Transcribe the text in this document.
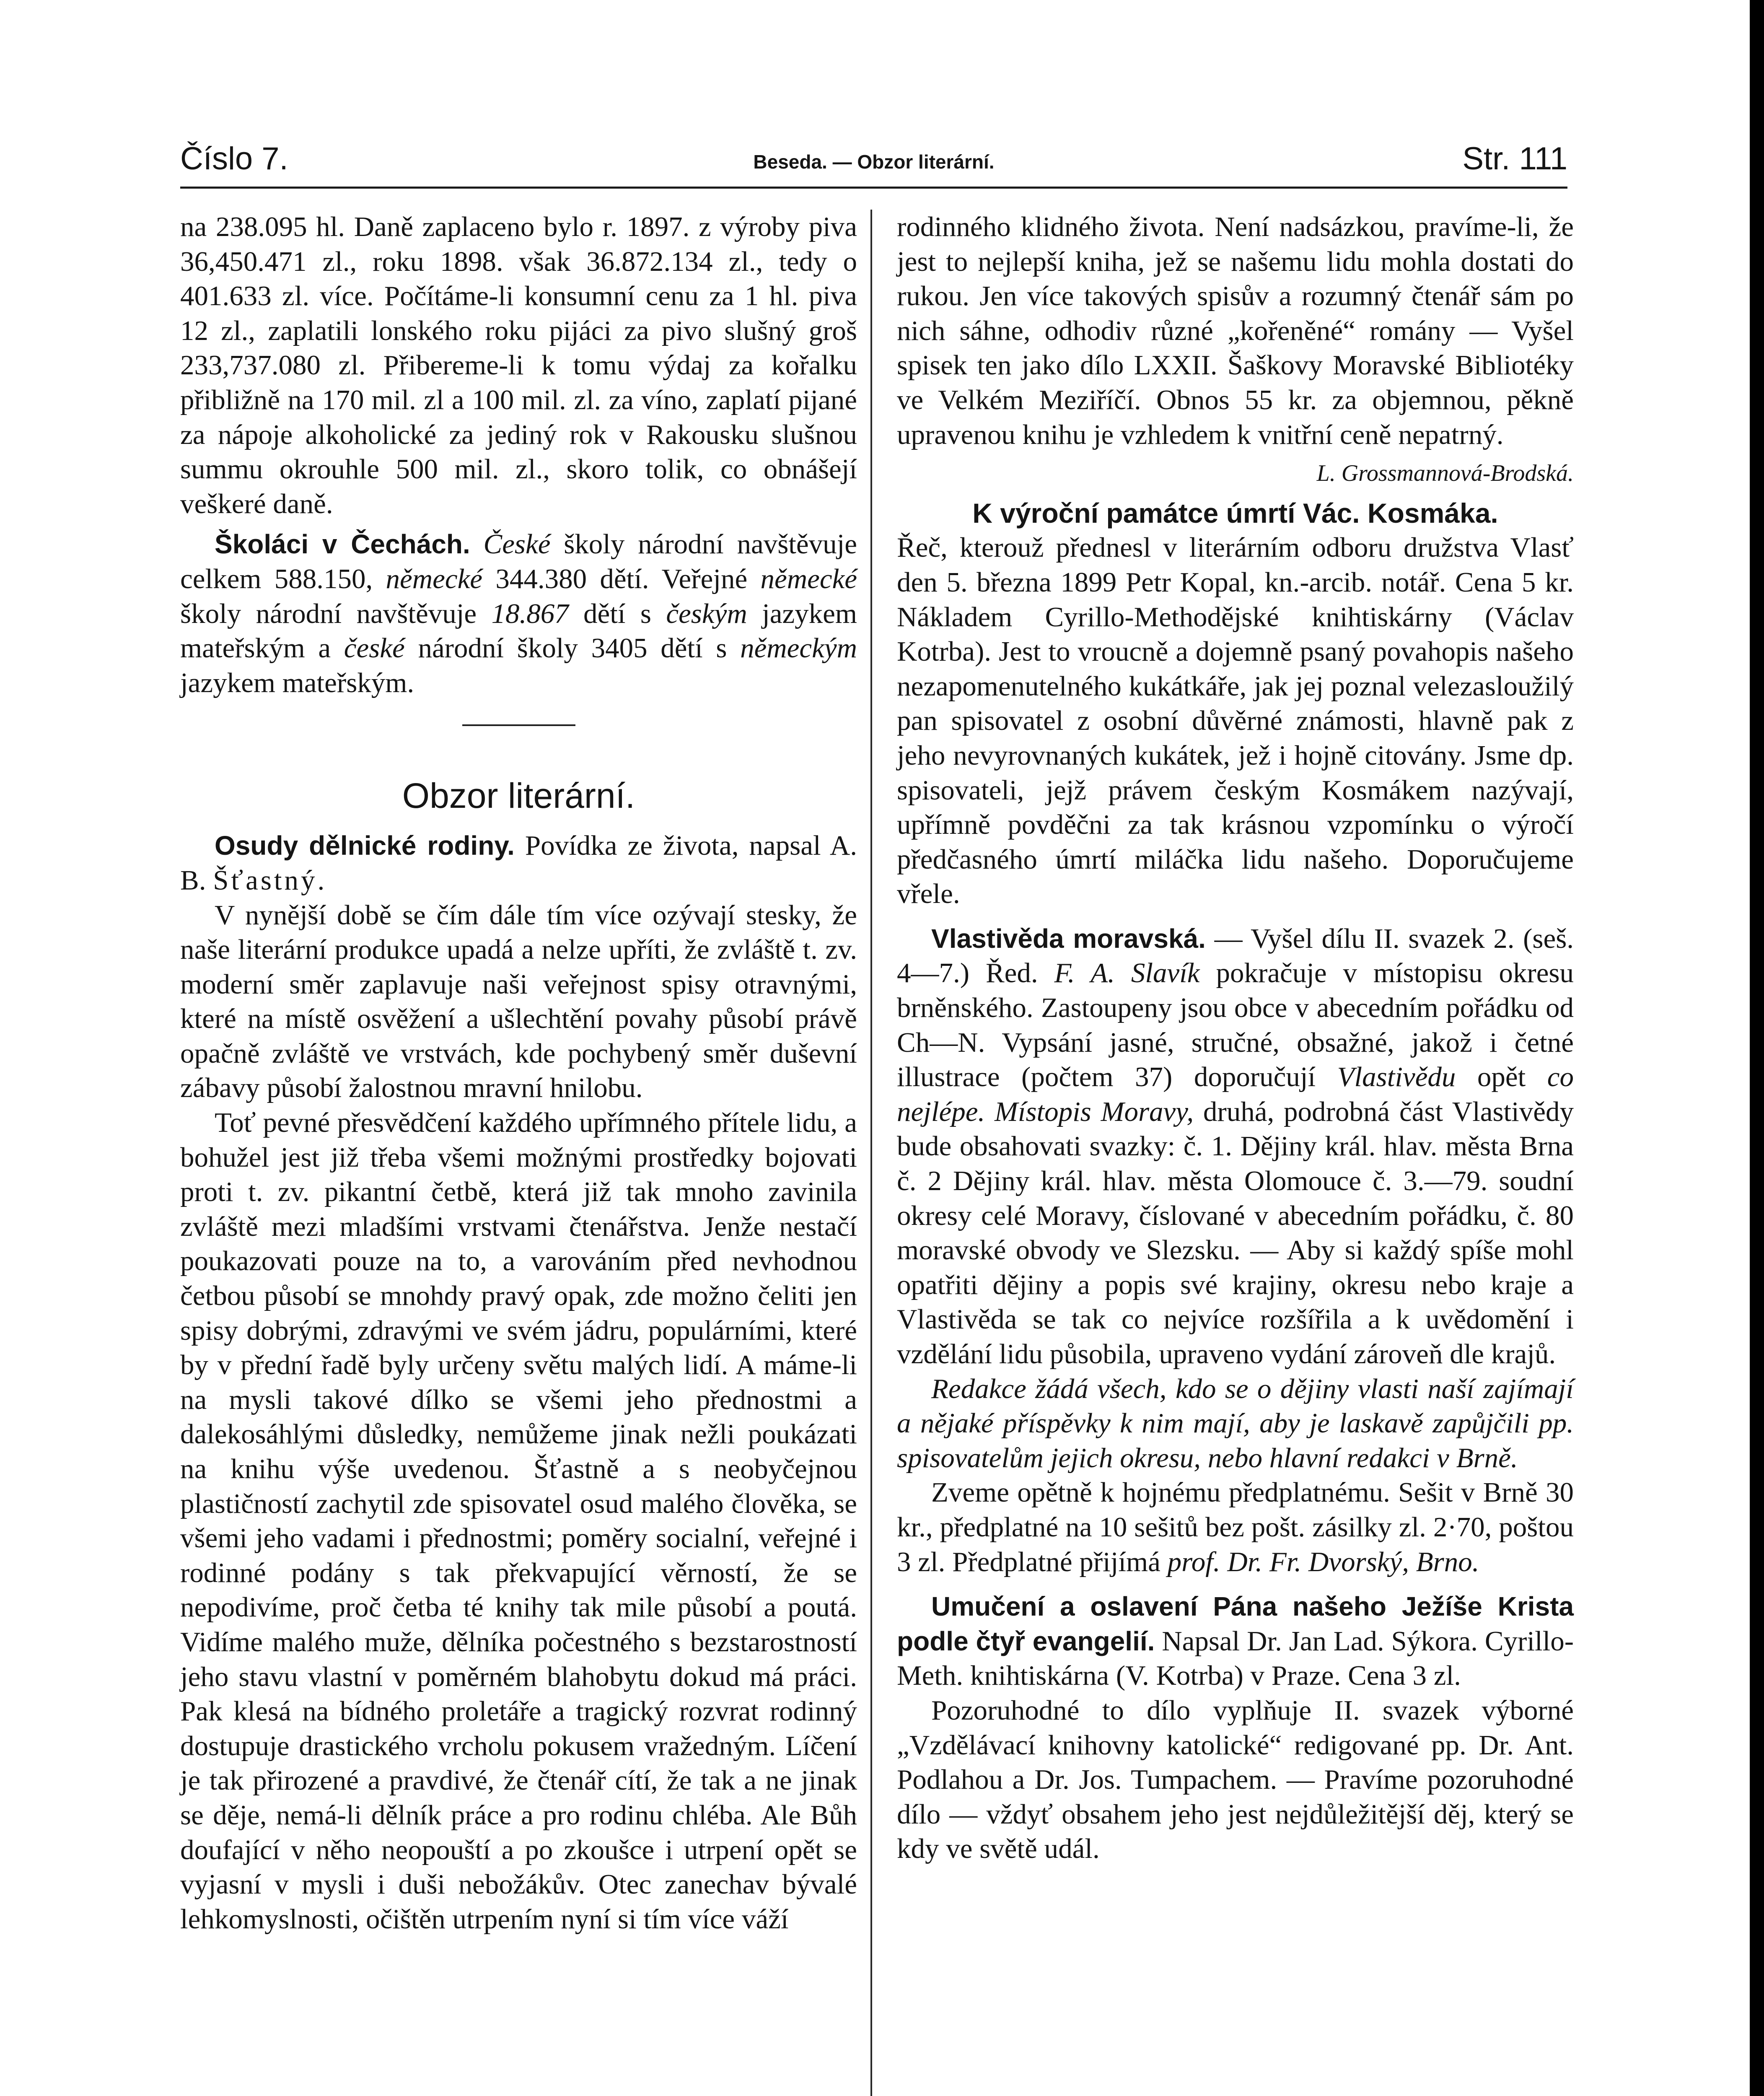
Číslo 7.	Beseda. — Obzor literární.	Str. 111

na 238.095 hl. Daně zaplaceno bylo r. 1897. z výroby piva 36,450.471 zl., roku 1898. však 36.872.134 zl., tedy o 401.633 zl. více. Počítáme-li konsumní cenu za 1 hl. piva 12 zl., zaplatili lonského roku pijáci za pivo slušný groš 233,737.080 zl. Přibereme-li k tomu výdaj za kořalku přibližně na 170 mil. zl a 100 mil. zl. za víno, zaplatí pijané za nápoje alkoholické za jediný rok v Rakousku slušnou summu okrouhle 500 mil. zl., skoro tolik, co obnášejí veškeré daně.

Školáci v Čechách. České školy národní navštěvuje celkem 588.150, německé 344.380 dětí. Veřejné německé školy národní navštěvuje 18.867 dětí s českým jazykem mateřským a české národní školy 3405 dětí s německým jazykem mateřským.

Obzor literární.

Osudy dělnické rodiny. Povídka ze života, napsal A. B. Šťastný.

V nynější době se čím dále tím více ozývají stesky, že naše literární produkce upadá a nelze upříti, že zvláště t. zv. moderní směr zaplavuje naši veřejnost spisy otravnými, které na místě osvěžení a ušlechtění povahy působí právě opačně zvláště ve vrstvách, kde pochybený směr duševní zábavy působí žalostnou mravní hnilobu.

Toť pevné přesvědčení každého upřímného přítele lidu, a bohužel jest již třeba všemi možnými prostředky bojovati proti t. zv. pikantní četbě, která již tak mnoho zavinila zvláště mezi mladšími vrstvami čtenářstva. Jenže nestačí poukazovati pouze na to, a varováním před nevhodnou četbou působí se mnohdy pravý opak, zde možno čeliti jen spisy dobrými, zdravými ve svém jádru, populárními, které by v přední řadě byly určeny světu malých lidí. A máme-li na mysli takové dílko se všemi jeho přednostmi a dalekosáhlými důsledky, nemůžeme jinak nežli poukázati na knihu výše uvedenou. Šťastně a s neobyčejnou plastičností zachytil zde spisovatel osud malého člověka, se všemi jeho vadami i přednostmi; poměry socialní, veřejné i rodinné podány s tak překvapující věrností, že se nepodivíme, proč četba té knihy tak mile působí a poutá. Vidíme malého muže, dělníka počestného s bezstarostností jeho stavu vlastní v poměrném blahobytu dokud má práci. Pak klesá na bídného proletáře a tragický rozvrat rodinný dostupuje drastického vrcholu pokusem vražedným. Líčení je tak přirozené a pravdivé, že čtenář cítí, že tak a ne jinak se děje, nemá-li dělník práce a pro rodinu chléba. Ale Bůh doufající v něho neopouští a po zkoušce i utrpení opět se vyjasní v mysli i duši nebožákův. Otec zanechav bývalé lehkomyslnosti, očištěn utrpením nyní si tím více váží

rodinného klidného života. Není nadsázkou, pravíme-li, že jest to nejlepší kniha, jež se našemu lidu mohla dostati do rukou. Jen více takových spisův a rozumný čtenář sám po nich sáhne, odhodiv různé „kořeněné“ romány — Vyšel spisek ten jako dílo LXXII. Šaškovy Moravské Bibliotéky ve Velkém Meziříčí. Obnos 55 kr. za objemnou, pěkně upravenou knihu je vzhledem k vnitřní ceně nepatrný.

L. Grossmannová-Brodská.
K výroční památce úmrtí Vác. Kosmáka.

Řeč, kterouž přednesl v literárním odboru družstva Vlasť den 5. března 1899 Petr Kopal, kn.-arcib. notář. Cena 5 kr. Nákladem Cyrillo-Methodějské knihtiskárny (Václav Kotrba). Jest to vroucně a dojemně psaný povahopis našeho nezapomenutelného kukátkáře, jak jej poznal velezasloužilý pan spisovatel z osobní důvěrné známosti, hlavně pak z jeho nevyrovnaných kukátek, jež i hojně citovány. Jsme dp. spisovateli, jejž právem českým Kosmákem nazývají, upřímně povděčni za tak krásnou vzpomínku o výročí předčasného úmrtí miláčka lidu našeho. Doporučujeme vřele.

Vlastivěda moravská. — Vyšel dílu II. svazek 2. (seš. 4—7.) Řed. F. A. Slavík pokračuje v místopisu okresu brněnského. Zastoupeny jsou obce v abecedním pořádku od Ch—N. Vypsání jasné, stručné, obsažné, jakož i četné illustrace (počtem 37) doporučují Vlastivědu opět co nejlépe. Místopis Moravy, druhá, podrobná část Vlastivědy bude obsahovati svazky: č. 1. Dějiny král. hlav. města Brna č. 2 Dějiny král. hlav. města Olomouce č. 3.—79. soudní okresy celé Moravy, číslované v abecedním pořádku, č. 80 moravské obvody ve Slezsku. — Aby si každý spíše mohl opatřiti dějiny a popis své krajiny, okresu nebo kraje a Vlastivěda se tak co nejvíce rozšířila a k uvědomění i vzdělání lidu působila, upraveno vydání zároveň dle krajů.

Redakce žádá všech, kdo se o dějiny vlasti naší zajímají a nějaké příspěvky k nim mají, aby je laskavě zapůjčili pp. spisovatelům jejich okresu, nebo hlavní redakci v Brně.

Zveme opětně k hojnému předplatnému. Sešit v Brně 30 kr., předplatné na 10 sešitů bez pošt. zásilky zl. 2·70, poštou 3 zl. Předplatné přijímá prof. Dr. Fr. Dvorský, Brno.

Umučení a oslavení Pána našeho Ježíše Krista podle čtyř evangelií. Napsal Dr. Jan Lad. Sýkora. Cyrillo-Meth. knihtiskárna (V. Kotrba) v Praze. Cena 3 zl.

Pozoruhodné to dílo vyplňuje II. svazek výborné „Vzdělávací knihovny katolické“ redigované pp. Dr. Ant. Podlahou a Dr. Jos. Tumpachem. — Pravíme pozoruhodné dílo — vždyť obsahem jeho jest nejdůležitější děj, který se kdy ve světě udál.
